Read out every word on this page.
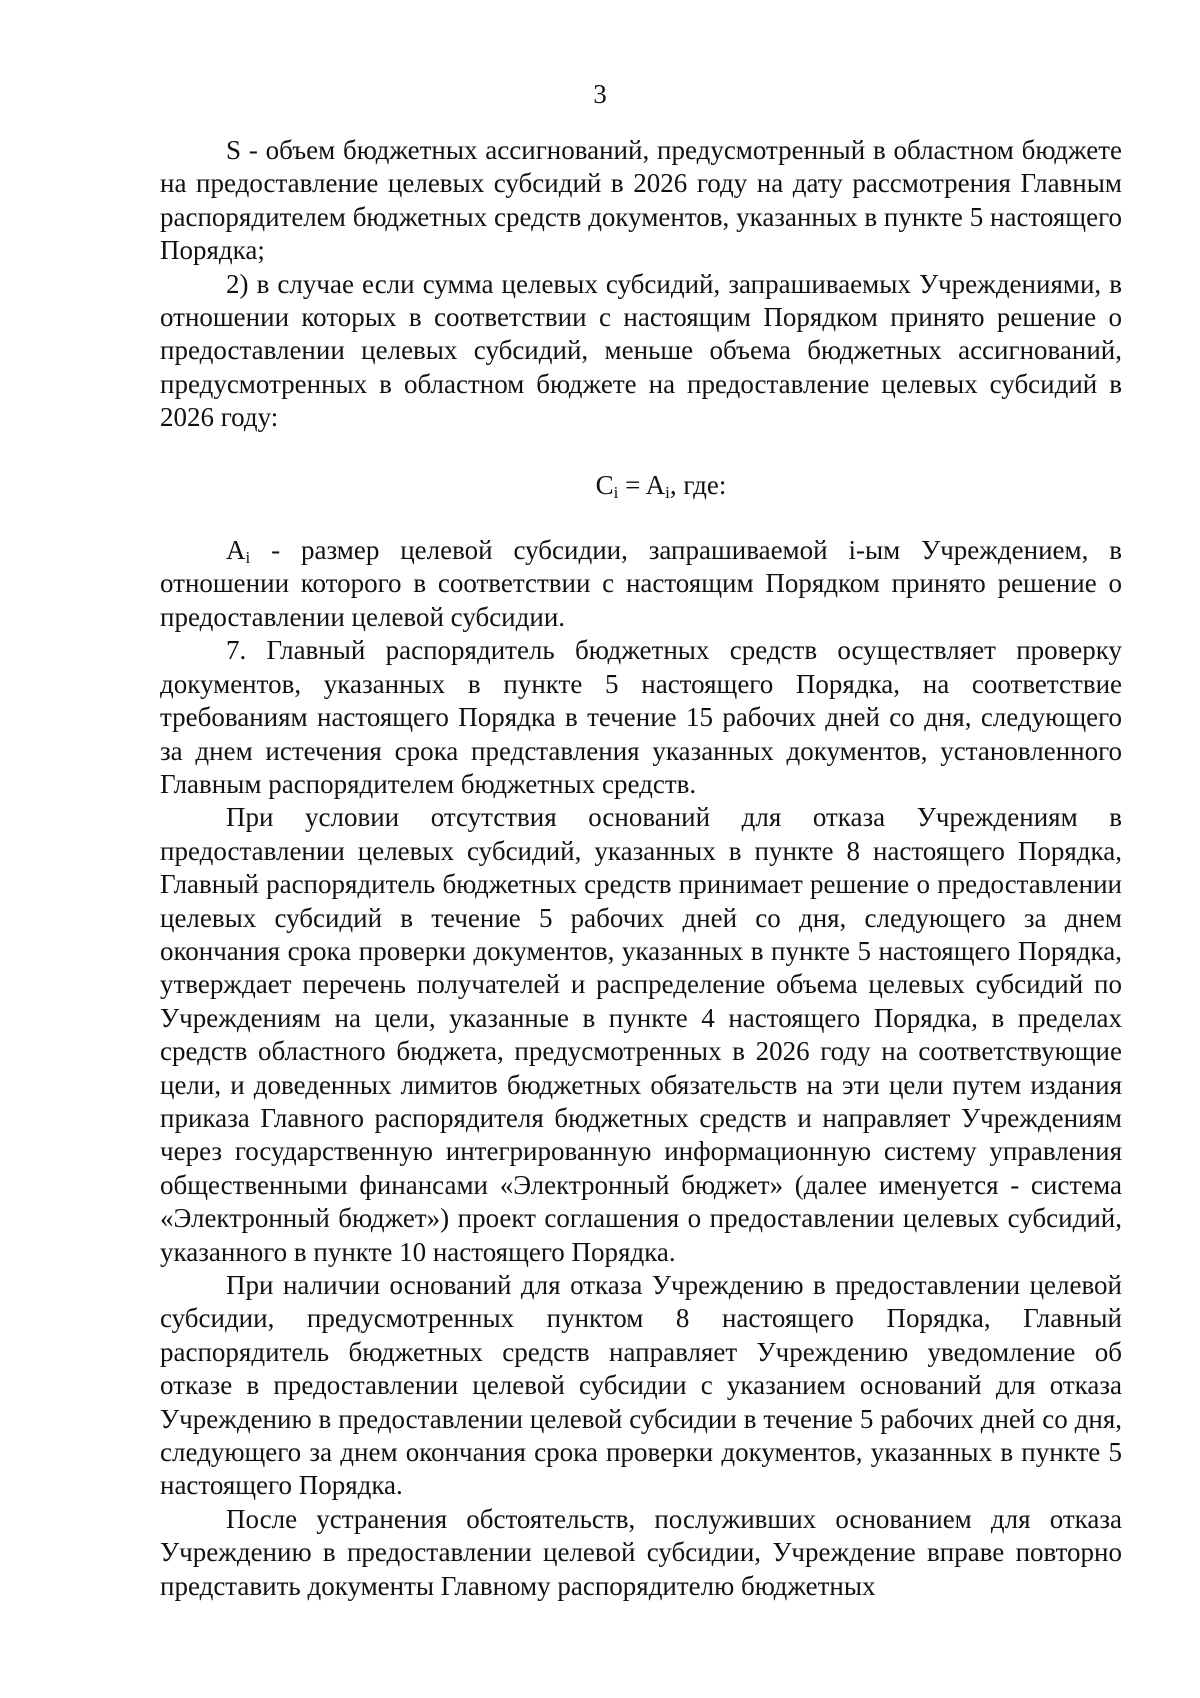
3

S - объем бюджетных ассигнований, предусмотренный в областном бюджете на предоставление целевых субсидий в 2026 году на дату рассмотрения Главным распорядителем бюджетных средств документов, указанных в пункте 5 настоящего Порядка;

2) в случае если сумма целевых субсидий, запрашиваемых Учреждениями, в отношении которых в соответствии с настоящим Порядком принято решение о предоставлении целевых субсидий, меньше объема бюджетных ассигнований, предусмотренных в областном бюджете на предоставление целевых субсидий в 2026 году:

$C_i = A_i$, где:

$A_i$ - размер целевой субсидии, запрашиваемой i-ым Учреждением, в отношении которого в соответствии с настоящим Порядком принято решение о предоставлении целевой субсидии.

7. Главный распорядитель бюджетных средств осуществляет проверку документов, указанных в пункте 5 настоящего Порядка, на соответствие требованиям настоящего Порядка в течение 15 рабочих дней со дня, следующего за днем истечения срока представления указанных документов, установленного Главным распорядителем бюджетных средств.

При условии отсутствия оснований для отказа Учреждениям в предоставлении целевых субсидий, указанных в пункте 8 настоящего Порядка, Главный распорядитель бюджетных средств принимает решение о предоставлении целевых субсидий в течение 5 рабочих дней со дня, следующего за днем окончания срока проверки документов, указанных в пункте 5 настоящего Порядка, утверждает перечень получателей и распределение объема целевых субсидий по Учреждениям на цели, указанные в пункте 4 настоящего Порядка, в пределах средств областного бюджета, предусмотренных в 2026 году на соответствующие цели, и доведенных лимитов бюджетных обязательств на эти цели путем издания приказа Главного распорядителя бюджетных средств и направляет Учреждениям через государственную интегрированную информационную систему управления общественными финансами «Электронный бюджет» (далее именуется - система «Электронный бюджет») проект соглашения о предоставлении целевых субсидий, указанного в пункте 10 настоящего Порядка.

При наличии оснований для отказа Учреждению в предоставлении целевой субсидии, предусмотренных пунктом 8 настоящего Порядка, Главный распорядитель бюджетных средств направляет Учреждению уведомление об отказе в предоставлении целевой субсидии с указанием оснований для отказа Учреждению в предоставлении целевой субсидии в течение 5 рабочих дней со дня, следующего за днем окончания срока проверки документов, указанных в пункте 5 настоящего Порядка.

После устранения обстоятельств, послуживших основанием для отказа Учреждению в предоставлении целевой субсидии, Учреждение вправе повторно представить документы Главному распорядителю бюджетных
